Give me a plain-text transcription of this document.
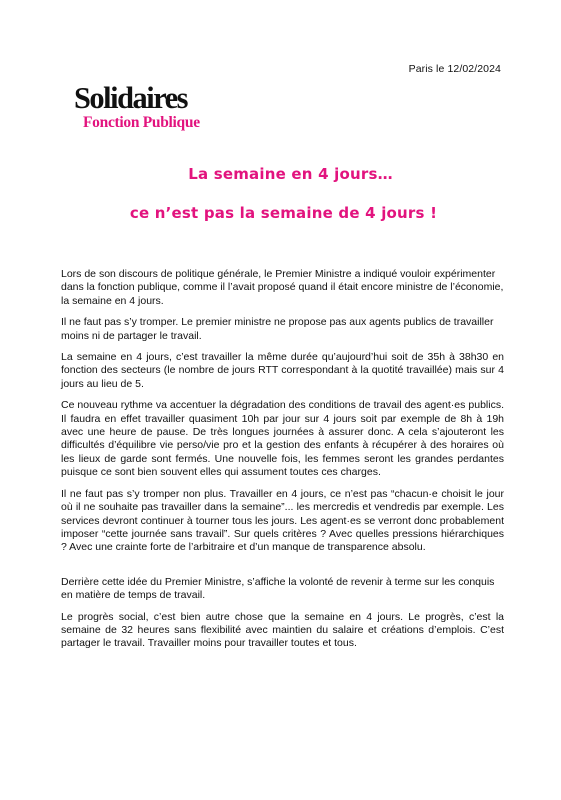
Paris le 12/02/2024
Solidaires
Fonction Publique
La semaine en 4 jours…
ce n’est pas la semaine de 4 jours !

Lors de son discours de politique générale, le Premier Ministre a indiqué vouloir expérimenter dans la fonction publique, comme il l’avait proposé quand il était encore ministre de l’économie, la semaine en 4 jours.

Il ne faut pas s’y tromper. Le premier ministre ne propose pas aux agents publics de travailler moins ni de partager le travail.

La semaine en 4 jours, c’est travailler la même durée qu’aujourd’hui soit de 35h à 38h30 en fonction des secteurs (le nombre de jours RTT correspondant à la quotité travaillée) mais sur 4 jours au lieu de 5.

Ce nouveau rythme va accentuer la dégradation des conditions de travail des agent·es publics. Il faudra en effet travailler quasiment 10h par jour sur 4 jours soit par exemple de 8h à 19h avec une heure de pause. De très longues journées à assurer donc. A cela s’ajouteront les difficultés d’équilibre vie perso/vie pro et la gestion des enfants à récupérer à des horaires où les lieux de garde sont fermés. Une nouvelle fois, les femmes seront les grandes perdantes puisque ce sont bien souvent elles qui assument toutes ces charges.

Il ne faut pas s’y tromper non plus. Travailler en 4 jours, ce n’est pas “chacun·e choisit le jour où il ne souhaite pas travailler dans la semaine”... les mercredis et vendredis par exemple. Les services devront continuer à tourner tous les jours. Les agent·es se verront donc probablement imposer “cette journée sans travail”. Sur quels critères ? Avec quelles pressions hiérarchiques ? Avec une crainte forte de l’arbitraire et d’un manque de transparence absolu.

Derrière cette idée du Premier Ministre, s’affiche la volonté de revenir à terme sur les conquis en matière de temps de travail.

Le progrès social, c’est bien autre chose que la semaine en 4 jours. Le progrès, c’est la semaine de 32 heures sans flexibilité avec maintien du salaire et créations d’emplois. C’est partager le travail. Travailler moins pour travailler toutes et tous.
